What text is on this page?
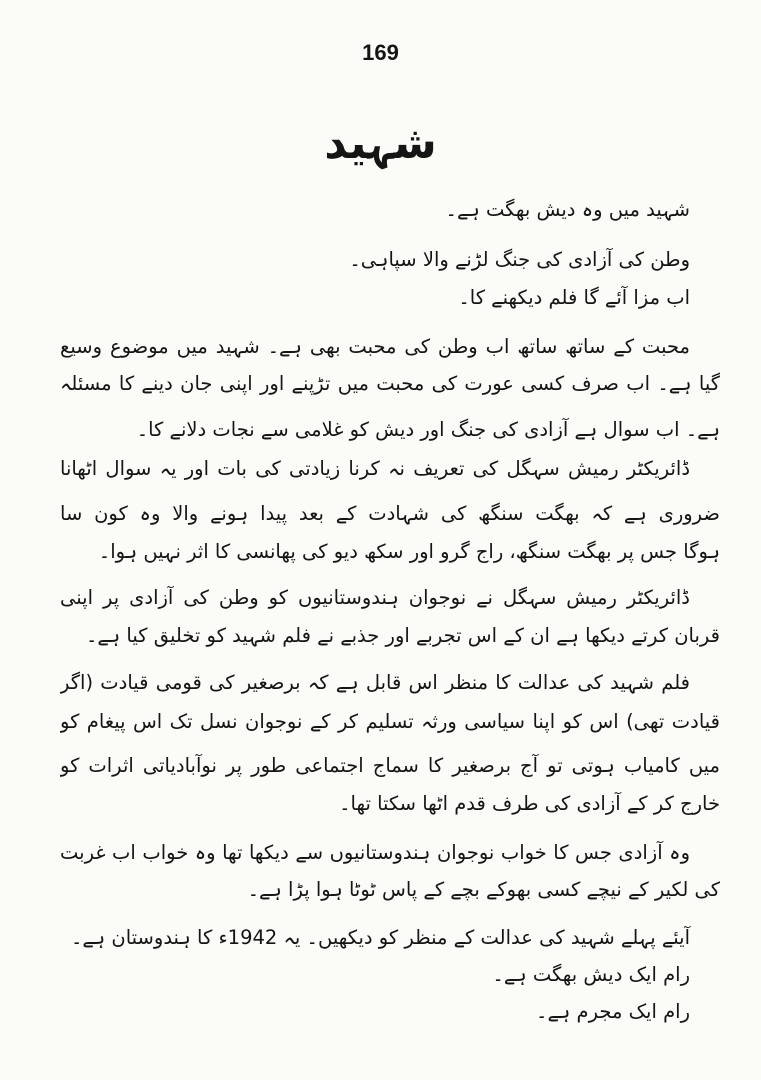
169
شہید
شہید میں وہ دیش بھگت ہے۔
وطن کی آزادی کی جنگ لڑنے والا سپاہی۔
اب مزا آئے گا فلم دیکھنے کا۔
محبت کے ساتھ ساتھ اب وطن کی محبت بھی ہے۔ شہید میں موضوع وسیع
گیا ہے۔ اب صرف کسی عورت کی محبت میں تڑپنے اور اپنی جان دینے کا مسئلہ
ہے۔ اب سوال ہے آزادی کی جنگ اور دیش کو غلامی سے نجات دلانے کا۔
ڈائریکٹر رمیش سہگل کی تعریف نہ کرنا زیادتی کی بات اور یہ سوال اٹھانا
ضروری ہے کہ بھگت سنگھ کی شہادت کے بعد پیدا ہونے والا وہ کون سا
ہوگا جس پر بھگت سنگھ، راج گرو اور سکھ دیو کی پھانسی کا اثر نہیں ہوا۔
ڈائریکٹر رمیش سہگل نے نوجوان ہندوستانیوں کو وطن کی آزادی پر اپنی
قربان کرتے دیکھا ہے ان کے اس تجربے اور جذبے نے فلم شہید کو تخلیق کیا ہے۔
فلم شہید کی عدالت کا منظر اس قابل ہے کہ برصغیر کی قومی قیادت (اگر
قیادت تھی) اس کو اپنا سیاسی ورثہ تسلیم کر کے نوجوان نسل تک اس پیغام کو
میں کامیاب ہوتی تو آج برصغیر کا سماج اجتماعی طور پر نوآبادیاتی اثرات کو
خارج کر کے آزادی کی طرف قدم اٹھا سکتا تھا۔
وہ آزادی جس کا خواب نوجوان ہندوستانیوں سے دیکھا تھا وہ خواب اب غربت
کی لکیر کے نیچے کسی بھوکے بچے کے پاس ٹوٹا ہوا پڑا ہے۔
آیئے پہلے شہید کی عدالت کے منظر کو دیکھیں۔ یہ 1942ء کا ہندوستان ہے۔
رام ایک دیش بھگت ہے۔
رام ایک مجرم ہے۔
